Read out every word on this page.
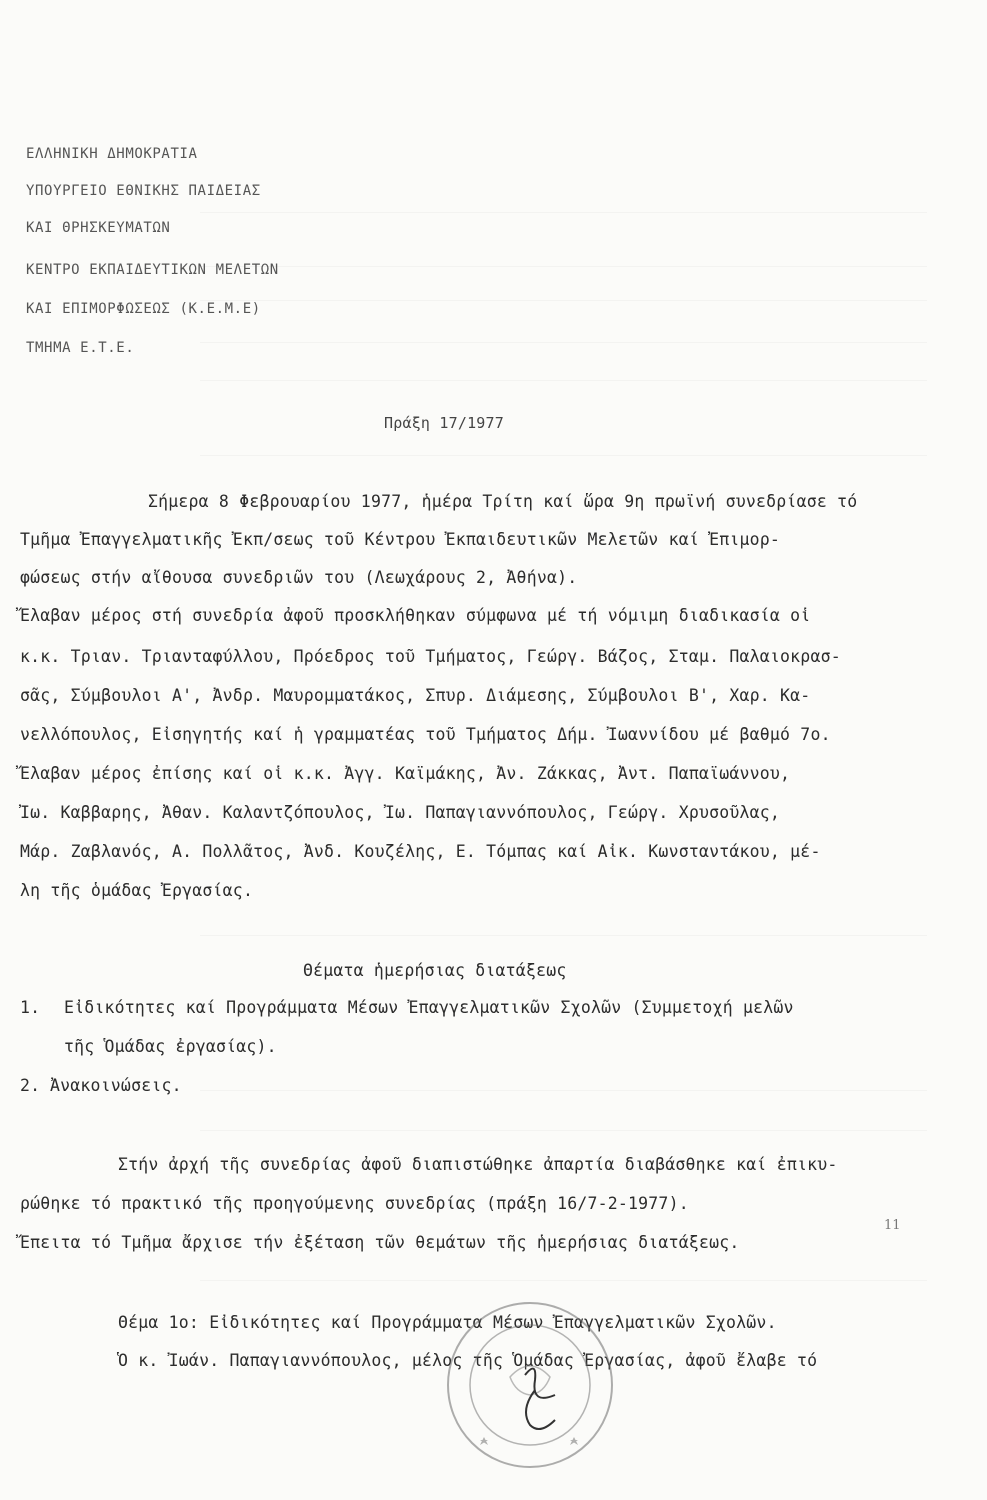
ΕΛΛΗΝΙΚΗ ΔΗΜΟΚΡΑΤΙΑ
ΥΠΟΥΡΓΕΙΟ ΕΘΝΙΚΗΣ ΠΑΙΔΕΙΑΣ
ΚΑΙ ΘΡΗΣΚΕΥΜΑΤΩΝ
ΚΕΝΤΡΟ ΕΚΠΑΙΔΕΥΤΙΚΩΝ ΜΕΛΕΤΩΝ
ΚΑΙ ΕΠΙΜΟΡΦΩΣΕΩΣ (Κ.Ε.Μ.Ε)
ΤΜΗΜΑ Ε.Τ.Ε.
Πράξη 17/1977
Σήμερα 8 Φεβρουαρίου 1977, ἡμέρα Τρίτη καί ὥρα 9η πρωϊνή συνεδρίασε τό
Τμῆμα Ἐπαγγελματικῆς Ἐκπ/σεως τοῦ Κέντρου Ἐκπαιδευτικῶν Μελετῶν καί Ἐπιμορ-
φώσεως στήν αἴθουσα συνεδριῶν του (Λεωχάρους 2, Ἀθήνα).
Ἔλαβαν μέρος στή συνεδρία ἀφοῦ προσκλήθηκαν σύμφωνα μέ τή νόμιμη διαδικασία οἱ
κ.κ. Τριαν. Τριανταφύλλου, Πρόεδρος τοῦ Τμήματος, Γεώργ. Βάζος, Σταμ. Παλαιοκρασ-
σᾶς, Σύμβουλοι Α', Ἀνδρ. Μαυρομματάκος, Σπυρ. Διάμεσης, Σύμβουλοι Β', Χαρ. Κα-
νελλόπουλος, Εἰσηγητής καί ἡ γραμματέας τοῦ Τμήματος Δήμ. Ἰωαννίδου μέ βαθμό 7ο.
Ἔλαβαν μέρος ἐπίσης καί οἱ κ.κ. Ἀγγ. Καϊμάκης, Ἀν. Ζάκκας, Ἀντ. Παπαϊωάννου,
Ἰω. Καββαρης, Ἀθαν. Καλαντζόπουλος, Ἰω. Παπαγιαννόπουλος, Γεώργ. Χρυσοῦλας,
Μάρ. Ζαβλανός, Α. Πολλᾶτος, Ἀνδ. Κουζέλης, Ε. Τόμπας καί Αἰκ. Κωνσταντάκου, μέ-
λη τῆς ὁμάδας Ἐργασίας.
Θέματα ἡμερήσιας διατάξεως
1. Εἰδικότητες καί Προγράμματα Μέσων Ἐπαγγελματικῶν Σχολῶν (Συμμετοχή μελῶν
τῆς Ὁμάδας ἐργασίας).
2. Ἀνακοινώσεις.
Στήν ἀρχή τῆς συνεδρίας ἀφοῦ διαπιστώθηκε ἀπαρτία διαβάσθηκε καί ἐπικυ-
ρώθηκε τό πρακτικό τῆς προηγούμενης συνεδρίας (πράξη 16/7-2-1977).
Ἔπειτα τό Τμῆμα ἄρχισε τήν ἐξέταση τῶν θεμάτων τῆς ἡμερήσιας διατάξεως.
11
Θέμα 1ο: Εἰδικότητες καί Προγράμματα Μέσων Ἐπαγγελματικῶν Σχολῶν.
Ὁ κ. Ἰωάν. Παπαγιαννόπουλος, μέλος τῆς Ὁμάδας Ἐργασίας, ἀφοῦ ἔλαβε τό
